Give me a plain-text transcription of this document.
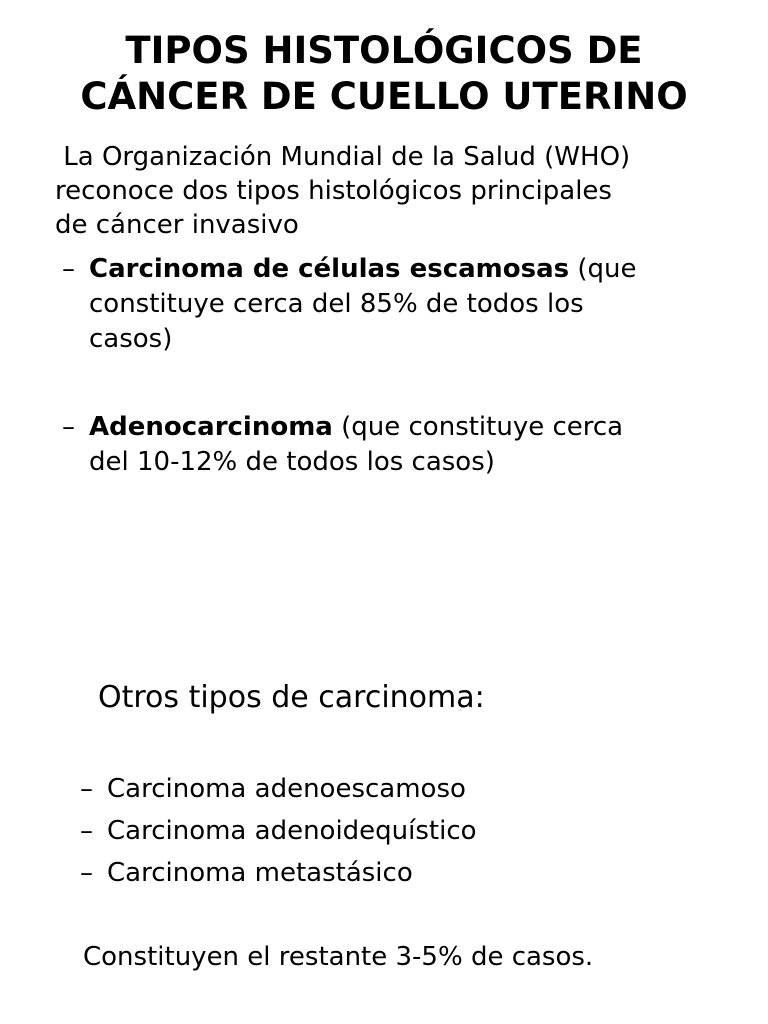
TIPOS HISTOLÓGICOS DE
CÁNCER DE CUELLO UTERINO
La Organización Mundial de la Salud (WHO)
reconoce dos tipos histológicos principales
de cáncer invasivo
– Carcinoma de células escamosas (que
constituye cerca del 85% de todos los
casos)
– Adenocarcinoma (que constituye cerca
del 10-12% de todos los casos)
Otros tipos de carcinoma:
– Carcinoma adenoescamoso
– Carcinoma adenoidequístico
– Carcinoma metastásico
Constituyen el restante 3-5% de casos.
